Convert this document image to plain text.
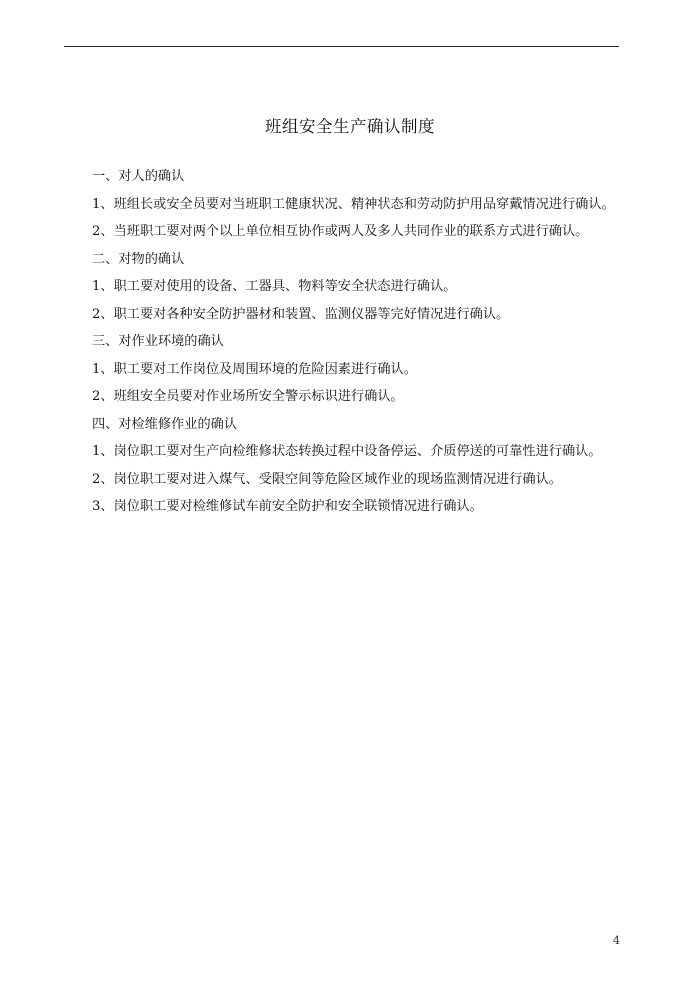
班组安全生产确认制度

一、对人的确认

1、班组长或安全员要对当班职工健康状况、精神状态和劳动防护用品穿戴情况进行确认。

2、当班职工要对两个以上单位相互协作或两人及多人共同作业的联系方式进行确认。

二、对物的确认

1、职工要对使用的设备、工器具、物料等安全状态进行确认。

2、职工要对各种安全防护器材和装置、监测仪器等完好情况进行确认。

三、对作业环境的确认

1、职工要对工作岗位及周围环境的危险因素进行确认。

2、班组安全员要对作业场所安全警示标识进行确认。

四、对检维修作业的确认

1、岗位职工要对生产向检维修状态转换过程中设备停运、介质停送的可靠性进行确认。

2、岗位职工要对进入煤气、受限空间等危险区域作业的现场监测情况进行确认。

3、岗位职工要对检维修试车前安全防护和安全联锁情况进行确认。

4
